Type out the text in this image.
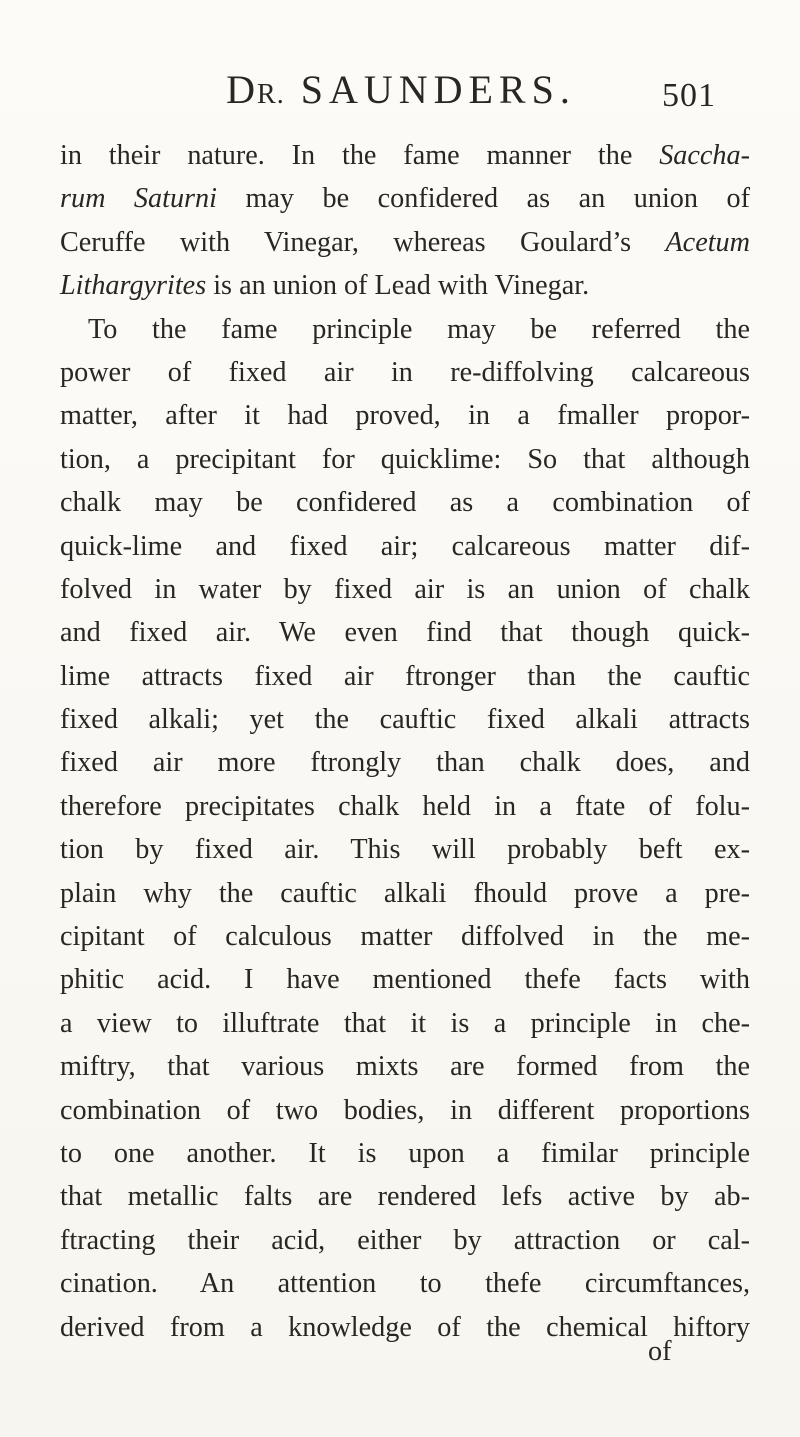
DR. SAUNDERS.	501
in their nature. In the fame manner the Saccha-
rum Saturni may be confidered as an union of
Ceruffe with Vinegar, whereas Goulard’s Acetum
Lithargyrites is an union of Lead with Vinegar.
To the fame principle may be referred the
power of fixed air in re-diffolving calcareous
matter, after it had proved, in a fmaller propor-
tion, a precipitant for quicklime: So that although
chalk may be confidered as a combination of
quick-lime and fixed air; calcareous matter dif-
folved in water by fixed air is an union of chalk
and fixed air. We even find that though quick-
lime attracts fixed air ftronger than the cauftic
fixed alkali; yet the cauftic fixed alkali attracts
fixed air more ftrongly than chalk does, and
therefore precipitates chalk held in a ftate of folu-
tion by fixed air. This will probably beft ex-
plain why the cauftic alkali fhould prove a pre-
cipitant of calculous matter diffolved in the me-
phitic acid. I have mentioned thefe facts with
a view to illuftrate that it is a principle in che-
miftry, that various mixts are formed from the
combination of two bodies, in different proportions
to one another. It is upon a fimilar principle
that metallic falts are rendered lefs active by ab-
ftracting their acid, either by attraction or cal-
cination. An attention to thefe circumftances,
derived from a knowledge of the chemical hiftory
of
